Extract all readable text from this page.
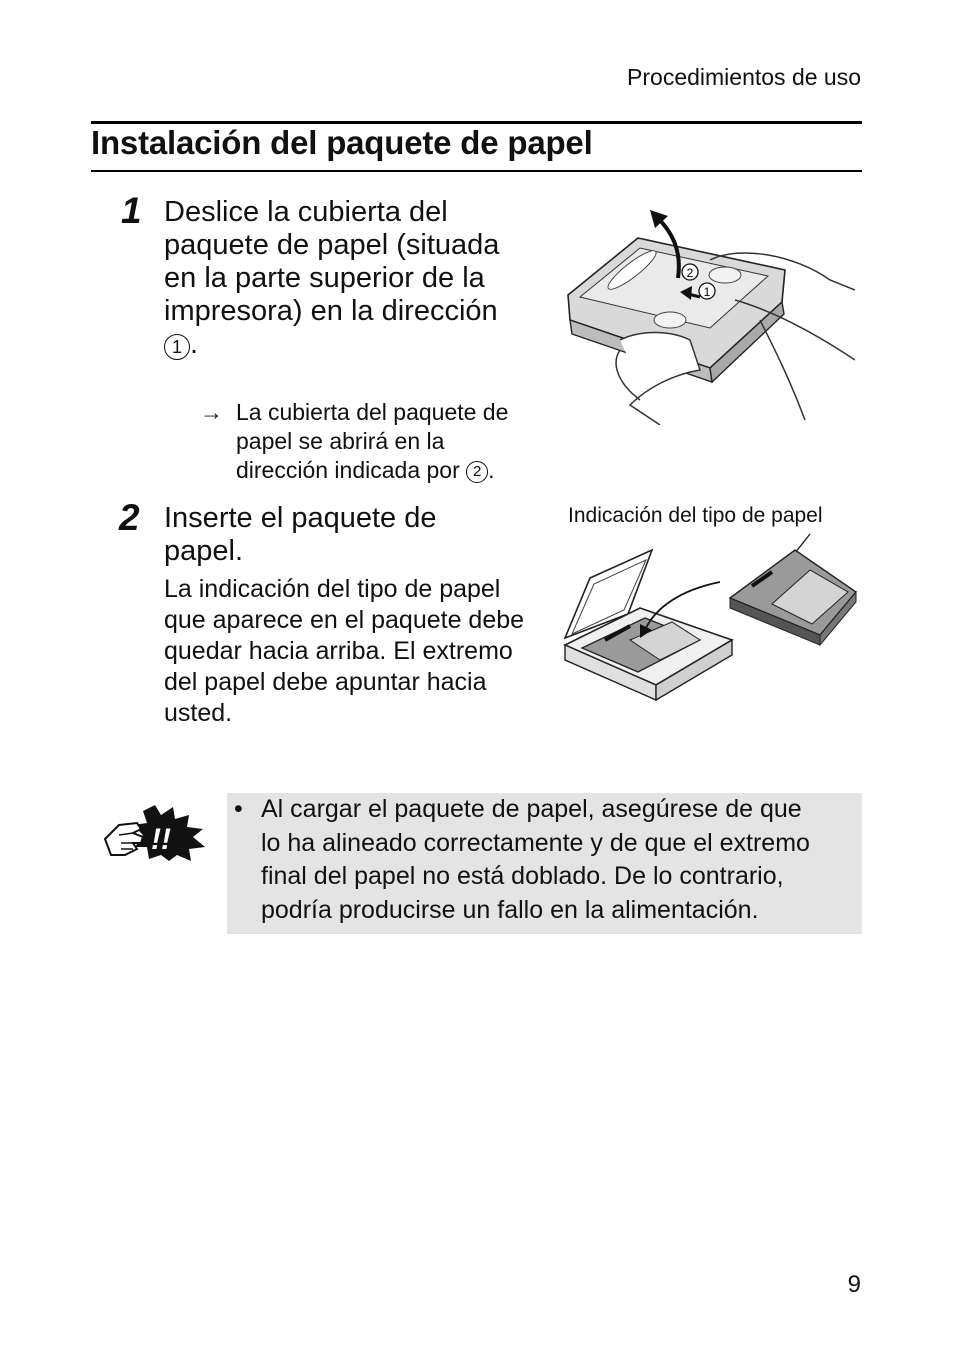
Procedimientos de uso
Instalación del paquete de papel
1 Deslice la cubierta del
paquete de papel (situada
en la parte superior de la
impresora) en la dirección
1 .
→ La cubierta del paquete de
papel se abrirá en la
dirección indicada por 2 .
2
1
2 Inserte el paquete de
papel.
La indicación del tipo de papel
que aparece en el paquete debe
quedar hacia arriba. El extremo
del papel debe apuntar hacia
usted.
Indicación del tipo de papel
!!
• Al cargar el paquete de papel, asegúrese de que
lo ha alineado correctamente y de que el extremo
final del papel no está doblado. De lo contrario,
podría producirse un fallo en la alimentación.
9
